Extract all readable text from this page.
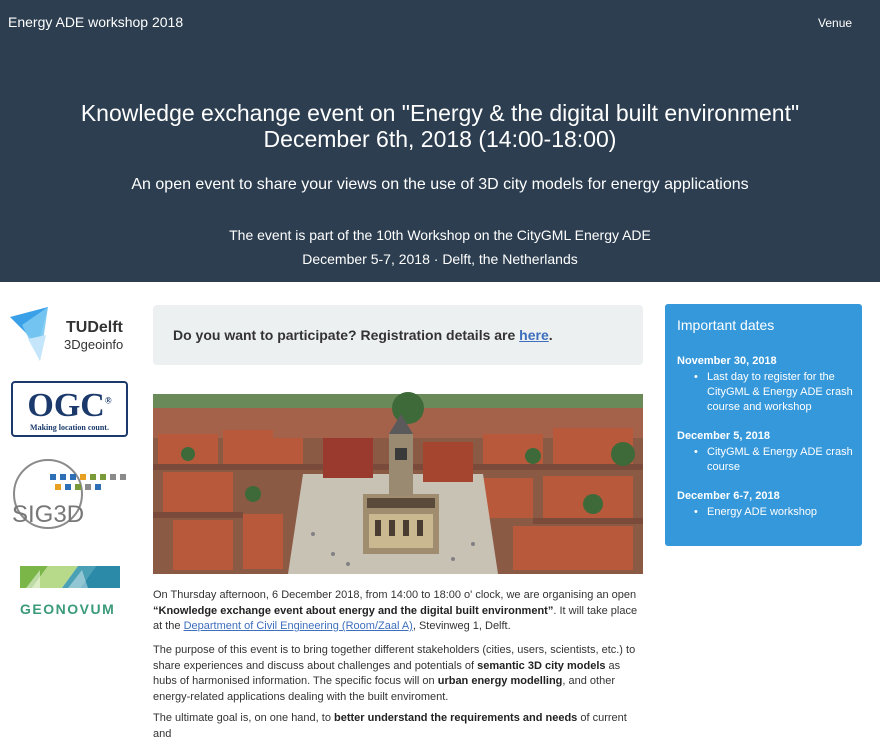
Energy ADE workshop 2018	Venue
Knowledge exchange event on "Energy & the digital built environment"
December 6th, 2018 (14:00-18:00)
An open event to share your views on the use of 3D city models for energy applications
The event is part of the 10th Workshop on the CityGML Energy ADE
December 5-7, 2018 · Delft, the Netherlands
TUDelft
3Dgeoinfo
OGC®
Making location count.
SIG3D
GEONOVUM
Do you want to participate? Registration details are here.
On Thursday afternoon, 6 December 2018, from 14:00 to 18:00 o' clock, we are organising an open “Knowledge exchange event about energy and the digital built environment”. It will take place at the Department of Civil Engineering (Room/Zaal A), Stevinweg 1, Delft.
The purpose of this event is to bring together different stakeholders (cities, users, scientists, etc.) to share experiences and discuss about challenges and potentials of semantic 3D city models as hubs of harmonised information. The specific focus will on urban energy modelling, and other energy-related applications dealing with the built enviroment.
The ultimate goal is, on one hand, to better understand the requirements and needs of current and
Important dates
November 30, 2018
• Last day to register for the
CityGML & Energy ADE crash
course and workshop
December 5, 2018
• CityGML & Energy ADE crash
course
December 6-7, 2018
• Energy ADE workshop
